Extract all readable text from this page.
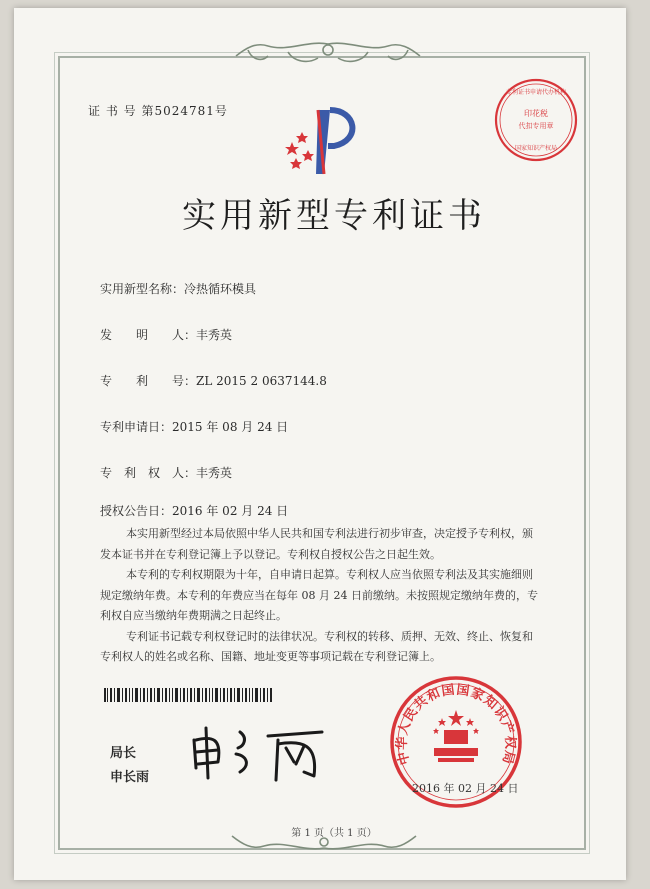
证 书 号 第5024781号	印花税
代扣专用章
专利证书申请代办机构
国家知识产权局
实用新型专利证书
实用新型名称：冷热循环模具
发　　明　　人：丰秀英
专　　利　　号：ZL 2015 2 0637144.8
专利申请日：2015 年 08 月 24 日
专　利　权　人：丰秀英
授权公告日：2016 年 02 月 24 日

本实用新型经过本局依照中华人民共和国专利法进行初步审查，决定授予专利权，颁

发本证书并在专利登记簿上予以登记。专利权自授权公告之日起生效。

本专利的专利权期限为十年，自申请日起算。专利权人应当依照专利法及其实施细则

规定缴纳年费。本专利的年费应当在每年 08 月 24 日前缴纳。未按照规定缴纳年费的，专

利权自应当缴纳年费期满之日起终止。

专利证书记载专利权登记时的法律状况。专利权的转移、质押、无效、终止、恢复和

专利权人的姓名或名称、国籍、地址变更等事项记载在专利登记簿上。

局长
申长雨
中华人民共和国国家知识产权局
2016 年 02 月 24 日
第 1 页（共 1 页）
